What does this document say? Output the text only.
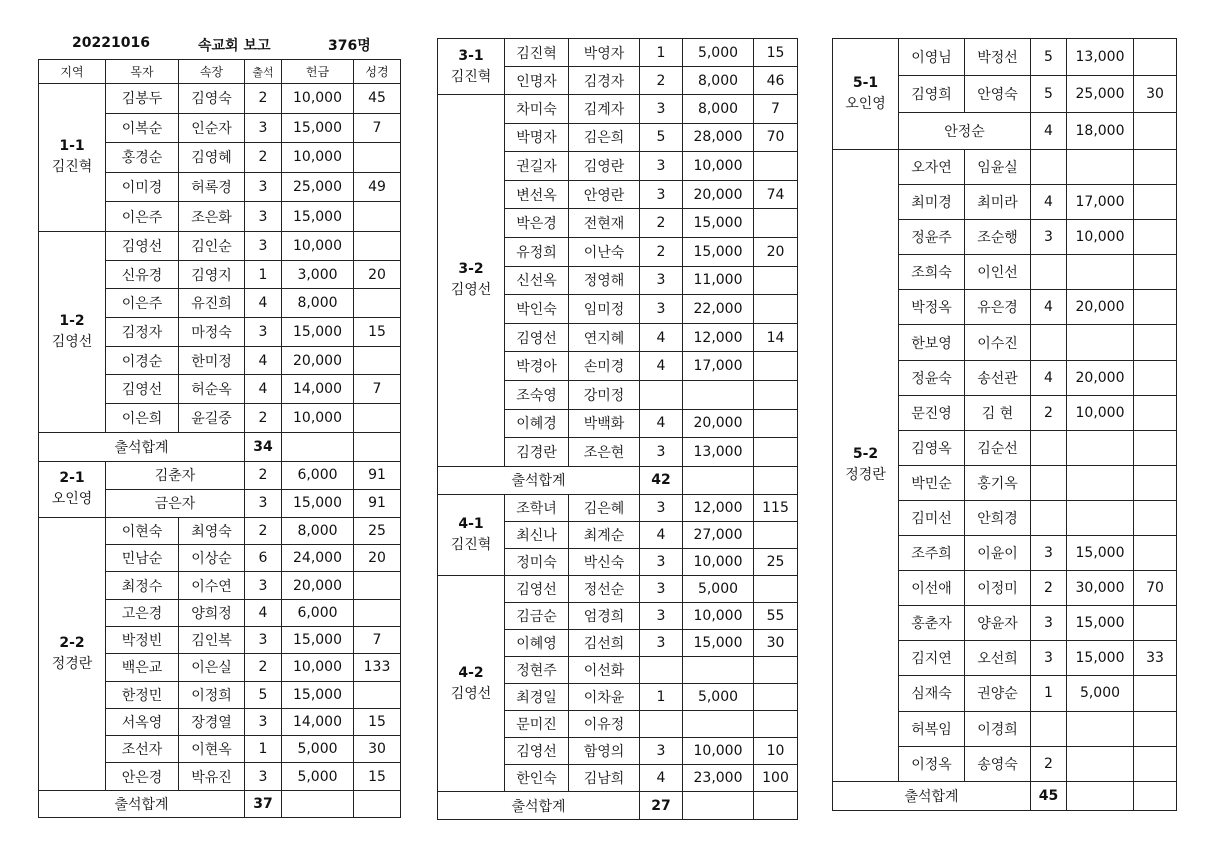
20221016	속교회 보고	376명
지역	목자	속장	출석	헌금	성경

1-1
김진혁	김봉두	김영숙	2	10,000	45
	이복순	인순자	3	15,000	7
	홍경순	김영혜	2	10,000	
	이미경	허록경	3	25,000	49
	이은주	조은화	3	15,000	

1-2
김영선	김영선	김인순	3	10,000	
	신유경	김영지	1	3,000	20
	이은주	유진희	4	8,000	
	김정자	마정숙	3	15,000	15
	이경순	한미정	4	20,000	
	김영선	허순옥	4	14,000	7
	이은희	윤길중	2	10,000	
출석합계			34		

2-1
오인영	김춘자		2	6,000	91
	금은자		3	15,000	91

2-2
정경란	이현숙	최영숙	2	8,000	25
	민남순	이상순	6	24,000	20
	최정수	이수연	3	20,000	
	고은경	양희정	4	6,000	
	박정빈	김인복	3	15,000	7
	백은교	이은실	2	10,000	133
	한정민	이정희	5	15,000	
	서옥영	장경열	3	14,000	15
	조선자	이현옥	1	5,000	30
	안은경	박유진	3	5,000	15
출석합계			37		
3-1
김진혁	김진혁	박영자	1	5,000	15
	인명자	김경자	2	8,000	46

3-2
김영선	차미숙	김계자	3	8,000	7
	박명자	김은희	5	28,000	70
	권길자	김영란	3	10,000	
	변선옥	안영란	3	20,000	74
	박은경	전현재	2	15,000	
	유정희	이난숙	2	15,000	20
	신선옥	정영해	3	11,000	
	박인숙	임미정	3	22,000	
	김영선	연지혜	4	12,000	14
	박경아	손미경	4	17,000	
	조숙영	강미정			
	이혜경	박백화	4	20,000	
	김경란	조은현	3	13,000	
출석합계			42		

4-1
김진혁	조학녀	김은혜	3	12,000	115
	최신나	최계순	4	27,000	
	정미숙	박신숙	3	10,000	25

4-2
김영선	김영선	정선순	3	5,000	
	김금순	엄경희	3	10,000	55
	이혜영	김선희	3	15,000	30
	정현주	이선화			
	최경일	이차윤	1	5,000	
	문미진	이유정			
	김영선	함영의	3	10,000	10
	한인숙	김남희	4	23,000	100
출석합계			27		
5-1
오인영	이영님	박정선	5	13,000	
	김영희	안영숙	5	25,000	30
	안정순		4	18,000	

5-2
정경란	오자연	임윤실			
	최미경	최미라	4	17,000	
	정윤주	조순행	3	10,000	
	조희숙	이인선			
	박정옥	유은경	4	20,000	
	한보영	이수진			
	정윤숙	송선관	4	20,000	
	문진영	김 현	2	10,000	
	김영옥	김순선			
	박민순	홍기옥			
	김미선	안희경			
	조주희	이윤이	3	15,000	
	이선애	이정미	2	30,000	70
	홍춘자	양윤자	3	15,000	
	김지연	오선희	3	15,000	33
	심재숙	권양순	1	5,000	
	허복임	이경희			
	이정옥	송영숙	2		
출석합계			45		
